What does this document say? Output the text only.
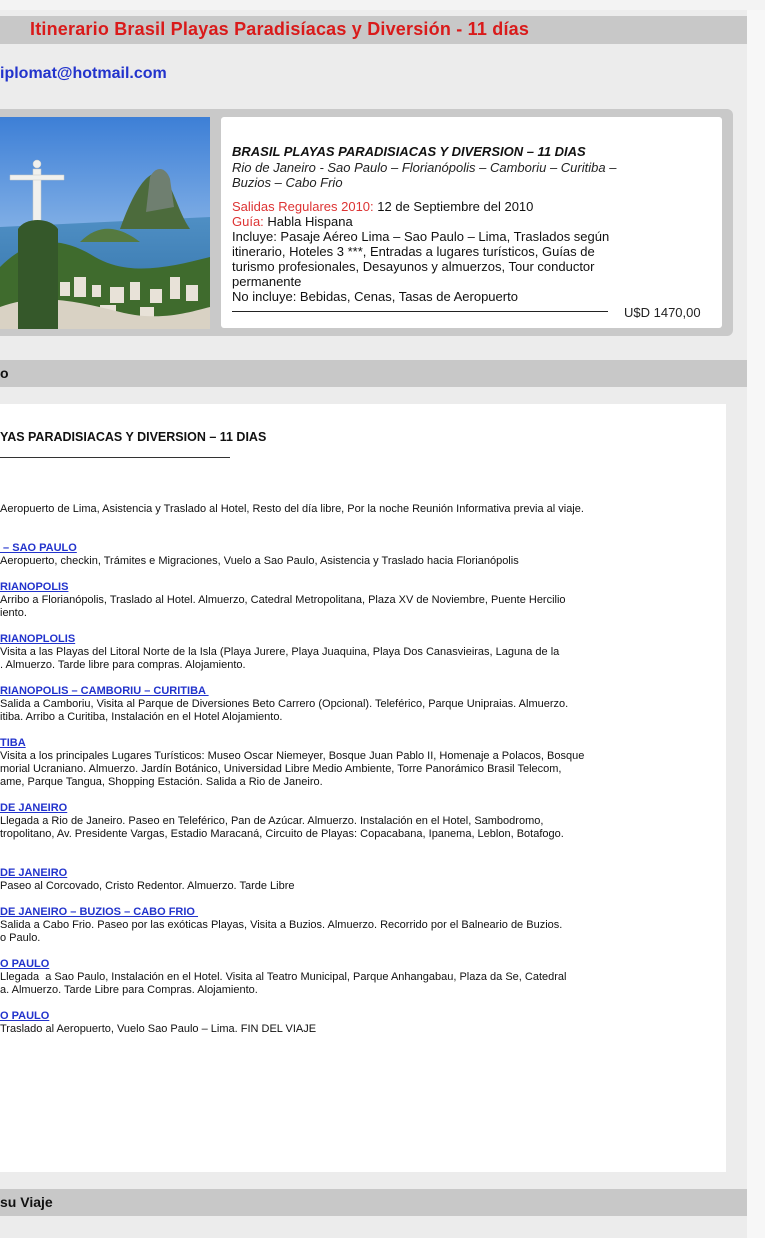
Itinerario Brasil Playas Paradisíacas y Diversión - 11 días
iplomat@hotmail.com
BRASIL PLAYAS PARADISIACAS Y DIVERSION – 11 DIAS
Rio de Janeiro - Sao Paulo – Florianópolis – Camboriu – Curitiba –
Buzios – Cabo Frio
Salidas Regulares 2010: 12 de Septiembre del 2010
Guía: Habla Hispana
Incluye: Pasaje Aéreo Lima – Sao Paulo – Lima, Traslados según
itinerario, Hoteles 3 ***, Entradas a lugares turísticos, Guías de
turismo profesionales, Desayunos y almuerzos, Tour conductor
permanente
No incluye: Bebidas, Cenas, Tasas de Aeropuerto
U$D 1470,00
o
YAS PARADISIACAS Y DIVERSION – 11 DIAS
Aeropuerto de Lima, Asistencia y Traslado al Hotel, Resto del día libre, Por la noche Reunión Informativa previa al viaje.
– SAO PAULO
Aeropuerto, checkin, Trámites e Migraciones, Vuelo a Sao Paulo, Asistencia y Traslado hacia Florianópolis
RIANOPOLIS
Arribo a Florianópolis, Traslado al Hotel. Almuerzo, Catedral Metropolitana, Plaza XV de Noviembre, Puente Hercilio
iento.
RIANOPLOLIS
Visita a las Playas del Litoral Norte de la Isla (Playa Jurere, Playa Juaquina, Playa Dos Canasvieiras, Laguna de la
. Almuerzo. Tarde libre para compras. Alojamiento.
RIANOPOLIS – CAMBORIU – CURITIBA
Salida a Camboriu, Visita al Parque de Diversiones Beto Carrero (Opcional). Teleférico, Parque Unipraias. Almuerzo.
itiba. Arribo a Curitiba, Instalación en el Hotel Alojamiento.
TIBA
Visita a los principales Lugares Turísticos: Museo Oscar Niemeyer, Bosque Juan Pablo II, Homenaje a Polacos, Bosque
morial Ucraniano. Almuerzo. Jardín Botánico, Universidad Libre Medio Ambiente, Torre Panorámico Brasil Telecom,
ame, Parque Tangua, Shopping Estación. Salida a Rio de Janeiro.
DE JANEIRO
Llegada a Rio de Janeiro. Paseo en Teleférico, Pan de Azúcar. Almuerzo. Instalación en el Hotel, Sambodromo,
tropolitano, Av. Presidente Vargas, Estadio Maracaná, Circuito de Playas: Copacabana, Ipanema, Leblon, Botafogo.
DE JANEIRO
Paseo al Corcovado, Cristo Redentor. Almuerzo. Tarde Libre
DE JANEIRO – BUZIOS – CABO FRIO
Salida a Cabo Frio. Paseo por las exóticas Playas, Visita a Buzios. Almuerzo. Recorrido por el Balneario de Buzios.
o Paulo.
O PAULO
Llegada  a Sao Paulo, Instalación en el Hotel. Visita al Teatro Municipal, Parque Anhangabau, Plaza da Se, Catedral
a. Almuerzo. Tarde Libre para Compras. Alojamiento.
O PAULO
Traslado al Aeropuerto, Vuelo Sao Paulo – Lima. FIN DEL VIAJE
su Viaje
